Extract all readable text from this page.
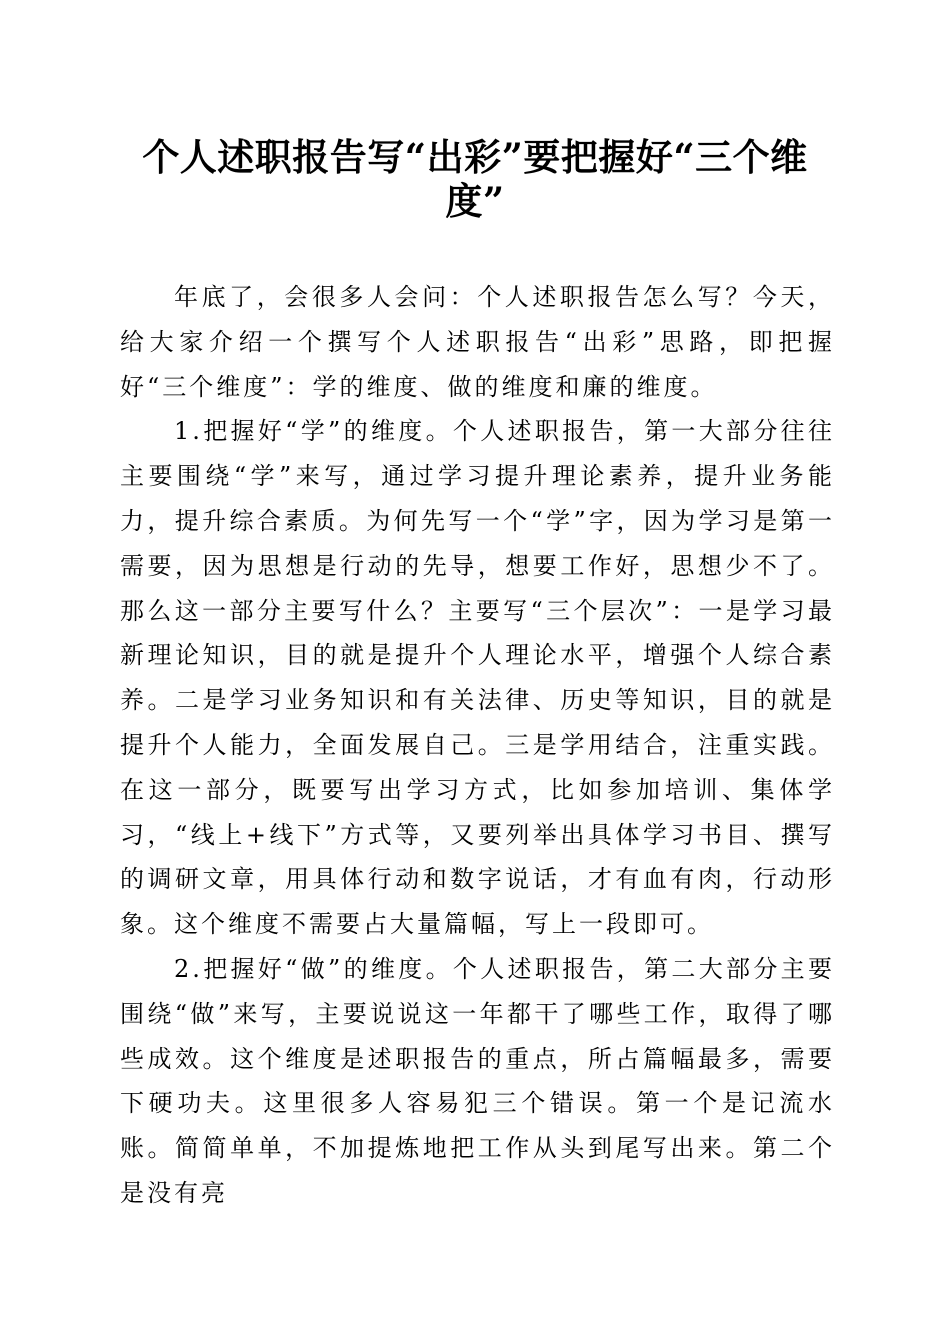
个人述职报告写“出彩”要把握好“三个维度”

年底了，会很多人会问：个人述职报告怎么写？今天，给大家介绍一个撰写个人述职报告“出彩”思路，即把握好“三个维度”：学的维度、做的维度和廉的维度。

1.把握好“学”的维度。个人述职报告，第一大部分往往主要围绕“学”来写，通过学习提升理论素养，提升业务能力，提升综合素质。为何先写一个“学”字，因为学习是第一需要，因为思想是行动的先导，想要工作好，思想少不了。那么这一部分主要写什么？主要写“三个层次”：一是学习最新理论知识，目的就是提升个人理论水平，增强个人综合素养。二是学习业务知识和有关法律、历史等知识，目的就是提升个人能力，全面发展自己。三是学用结合，注重实践。在这一部分，既要写出学习方式，比如参加培训、集体学习，“线上+线下”方式等，又要列举出具体学习书目、撰写的调研文章，用具体行动和数字说话，才有血有肉，行动形象。这个维度不需要占大量篇幅，写上一段即可。

2.把握好“做”的维度。个人述职报告，第二大部分主要围绕“做”来写，主要说说这一年都干了哪些工作，取得了哪些成效。这个维度是述职报告的重点，所占篇幅最多，需要下硬功夫。这里很多人容易犯三个错误。第一个是记流水账。简简单单，不加提炼地把工作从头到尾写出来。第二个是没有亮
